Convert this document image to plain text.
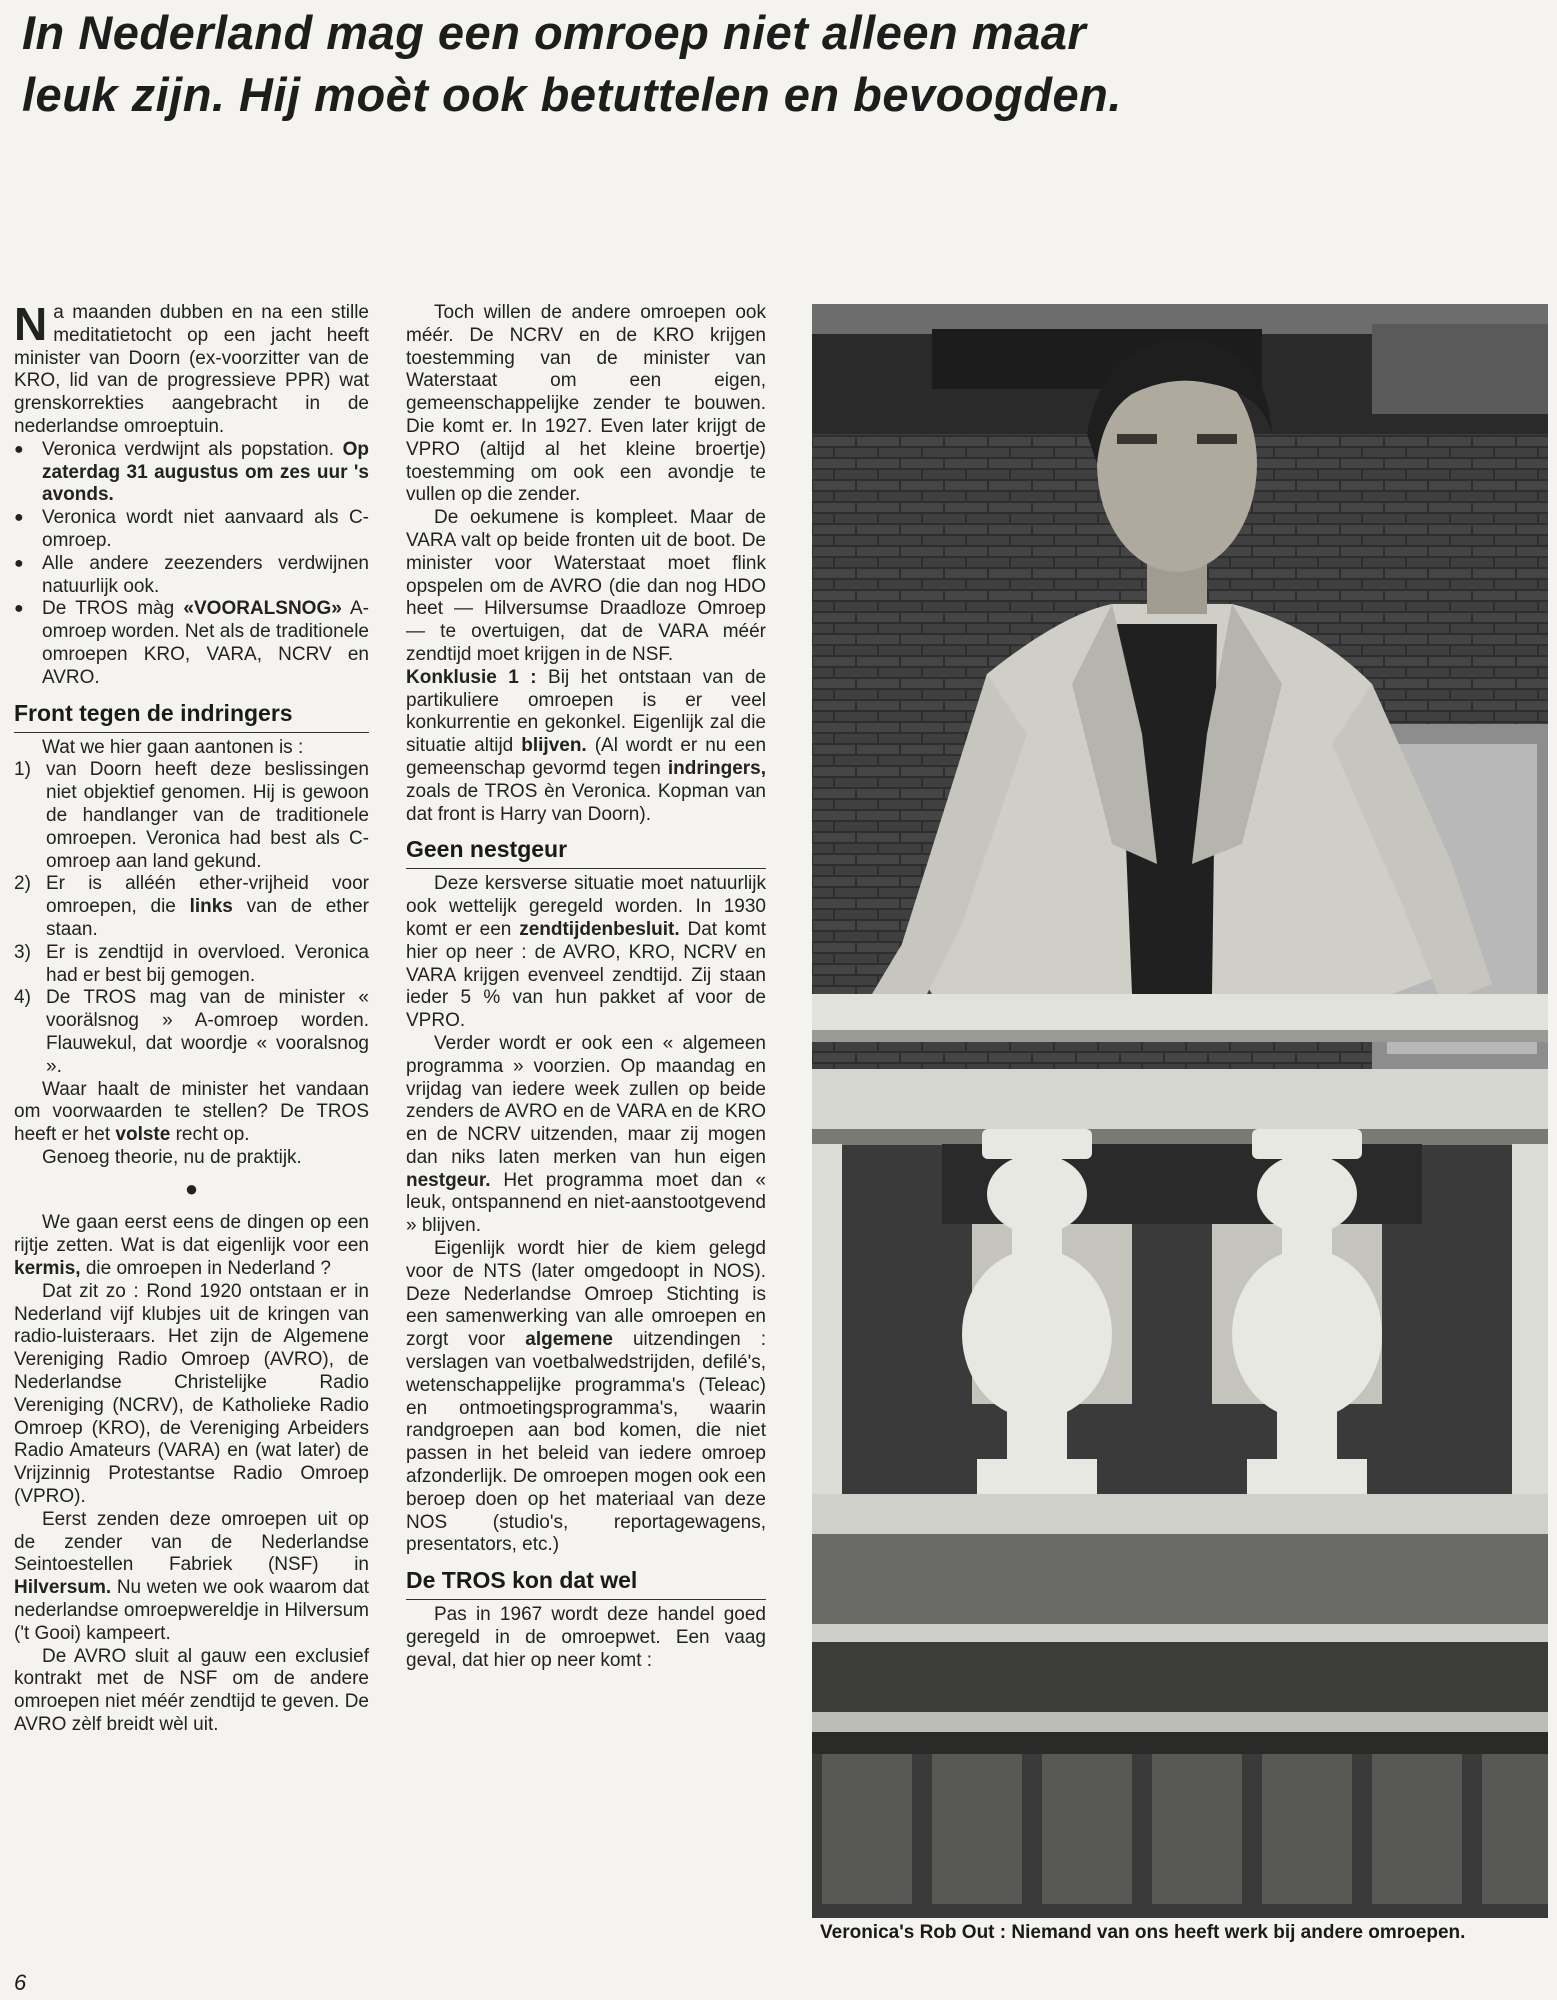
In Nederland mag een omroep niet alleen maar
leuk zijn. Hij moèt ook betuttelen en bevoogden.

Na maanden dubben en na een stille meditatietocht op een jacht heeft minister van Doorn (ex-voorzitter van de KRO, lid van de progressieve PPR) wat grenskorrekties aangebracht in de nederlandse omroeptuin.

● Veronica verdwijnt als popstation. Op zaterdag 31 augustus om zes uur 's avonds.
● Veronica wordt niet aanvaard als C-omroep.
● Alle andere zeezenders verdwijnen natuurlijk ook.
● De TROS màg «VOORALSNOG» A-omroep worden. Net als de traditionele omroepen KRO, VARA, NCRV en AVRO.
Front tegen de indringers

Wat we hier gaan aantonen is :

1) van Doorn heeft deze beslissingen niet objektief genomen. Hij is gewoon de handlanger van de traditionele omroepen. Veronica had best als C-omroep aan land gekund.
2) Er is alléén ether-vrijheid voor omroepen, die links van de ether staan.
3) Er is zendtijd in overvloed. Veronica had er best bij gemogen.
4) De TROS mag van de minister « voorälsnog » A-omroep worden. Flauwekul, dat woordje « vooralsnog ».

Waar haalt de minister het vandaan om voorwaarden te stellen? De TROS heeft er het volste recht op.

Genoeg theorie, nu de praktijk.

●

We gaan eerst eens de dingen op een rijtje zetten. Wat is dat eigenlijk voor een kermis, die omroepen in Nederland ?

Dat zit zo : Rond 1920 ontstaan er in Nederland vijf klubjes uit de kringen van radio-luisteraars. Het zijn de Algemene Vereniging Radio Omroep (AVRO), de Nederlandse Christelijke Radio Vereniging (NCRV), de Katholieke Radio Omroep (KRO), de Vereniging Arbeiders Radio Amateurs (VARA) en (wat later) de Vrijzinnig Protestantse Radio Omroep (VPRO).

Eerst zenden deze omroepen uit op de zender van de Nederlandse Seintoestellen Fabriek (NSF) in Hilversum. Nu weten we ook waarom dat nederlandse omroepwereldje in Hilversum ('t Gooi) kampeert.

De AVRO sluit al gauw een exclusief kontrakt met de NSF om de andere omroepen niet méér zendtijd te geven. De AVRO zèlf breidt wèl uit.

Toch willen de andere omroepen ook méér. De NCRV en de KRO krijgen toestemming van de minister van Waterstaat om een eigen, gemeenschappelijke zender te bouwen. Die komt er. In 1927. Even later krijgt de VPRO (altijd al het kleine broertje) toestemming om ook een avondje te vullen op die zender.

De oekumene is kompleet. Maar de VARA valt op beide fronten uit de boot. De minister voor Waterstaat moet flink opspelen om de AVRO (die dan nog HDO heet — Hilversumse Draadloze Omroep — te overtuigen, dat de VARA méér zendtijd moet krijgen in de NSF.

Konklusie 1 : Bij het ontstaan van de partikuliere omroepen is er veel konkurrentie en gekonkel. Eigenlijk zal die situatie altijd blijven. (Al wordt er nu een gemeenschap gevormd tegen indringers, zoals de TROS èn Veronica. Kopman van dat front is Harry van Doorn).

Geen nestgeur

Deze kersverse situatie moet natuurlijk ook wettelijk geregeld worden. In 1930 komt er een zendtijdenbesluit. Dat komt hier op neer : de AVRO, KRO, NCRV en VARA krijgen evenveel zendtijd. Zij staan ieder 5 % van hun pakket af voor de VPRO.

Verder wordt er ook een « algemeen programma » voorzien. Op maandag en vrijdag van iedere week zullen op beide zenders de AVRO en de VARA en de KRO en de NCRV uitzenden, maar zij mogen dan niks laten merken van hun eigen nestgeur. Het programma moet dan « leuk, ontspannend en niet-aanstootgevend » blijven.

Eigenlijk wordt hier de kiem gelegd voor de NTS (later omgedoopt in NOS). Deze Nederlandse Omroep Stichting is een samenwerking van alle omroepen en zorgt voor algemene uitzendingen : verslagen van voetbalwedstrijden, defilé's, wetenschappelijke programma's (Teleac) en ontmoetingsprogramma's, waarin randgroepen aan bod komen, die niet passen in het beleid van iedere omroep afzonderlijk. De omroepen mogen ook een beroep doen op het materiaal van deze NOS (studio's, reportagewagens, presentators, etc.)

De TROS kon dat wel

Pas in 1967 wordt deze handel goed geregeld in de omroepwet. Een vaag geval, dat hier op neer komt :

Veronica's Rob Out : Niemand van ons heeft werk bij andere omroepen.
6
